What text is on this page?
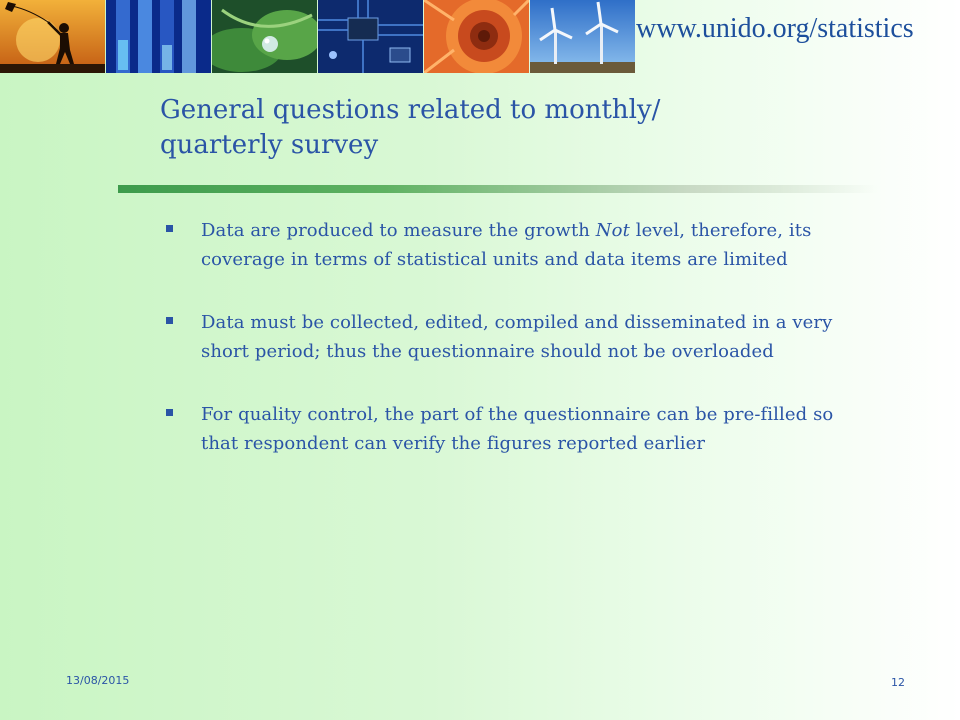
www.unido.org/statistics
General questions related to monthly/
quarterly survey
Data are produced to measure the growth Not level, therefore, its coverage in terms of statistical units and data items are limited
Data must be collected, edited, compiled and disseminated in a very short period; thus the questionnaire should not be overloaded
For quality control, the part of the questionnaire can be pre-filled so that respondent can verify the figures reported earlier
13/08/2015	12
